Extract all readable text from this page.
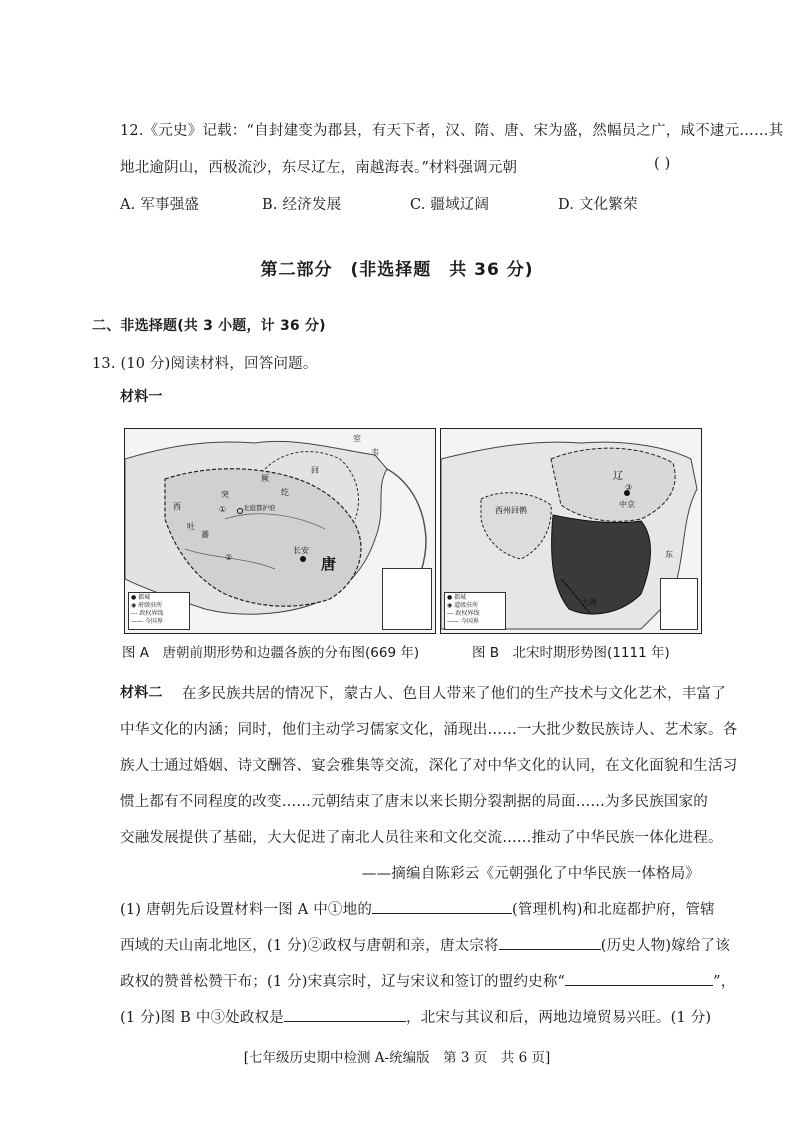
12.《元史》记载：“自封建变为郡县，有天下者，汉、隋、唐、宋为盛，然幅员之广，咸不逮元……其
地北逾阴山，西极流沙，东尽辽左，南越海表。”材料强调元朝	( )
A. 军事强盛	B. 经济发展	C. 疆域辽阔	D. 文化繁荣
第二部分　(非选择题　共 36 分)
二、非选择题(共 3 小题，计 36 分)
13. (10 分)阅读材料，回答问题。
材料一
室
韦
回
纥
突
厥
北庭都护府
①
②
长安
唐
西
吐
蕃
● 都城
◉ 府级驻所
--- 政权界线
—— 今国界
西州回鹘
中京
③
辽
东
大理
● 都城
◉ 道级驻所
--- 政权界线
—— 今国界
图 A　唐朝前期形势和边疆各族的分布图(669 年)	图 B　北宋时期形势图(1111 年)
材料二 在多民族共居的情况下，蒙古人、色目人带来了他们的生产技术与文化艺术，丰富了
中华文化的内涵；同时，他们主动学习儒家文化，涌现出……一大批少数民族诗人、艺术家。各
族人士通过婚姻、诗文酬答、宴会雅集等交流，深化了对中华文化的认同，在文化面貌和生活习
惯上都有不同程度的改变……元朝结束了唐末以来长期分裂割据的局面……为多民族国家的
交融发展提供了基础，大大促进了南北人员往来和文化交流……推动了中华民族一体化进程。
——摘编自陈彩云《元朝强化了中华民族一体格局》
(1) 唐朝先后设置材料一图 A 中①地的	(管理机构)和北庭都护府，管辖
西域的天山南北地区，(1 分)②政权与唐朝和亲，唐太宗将	(历史人物)嫁给了该
政权的赞普松赞干布；(1 分)宋真宗时，辽与宋议和签订的盟约史称“	”，
(1 分)图 B 中③处政权是	，北宋与其议和后，两地边境贸易兴旺。(1 分)
[七年级历史期中检测 A-统编版　第 3 页　共 6 页]
